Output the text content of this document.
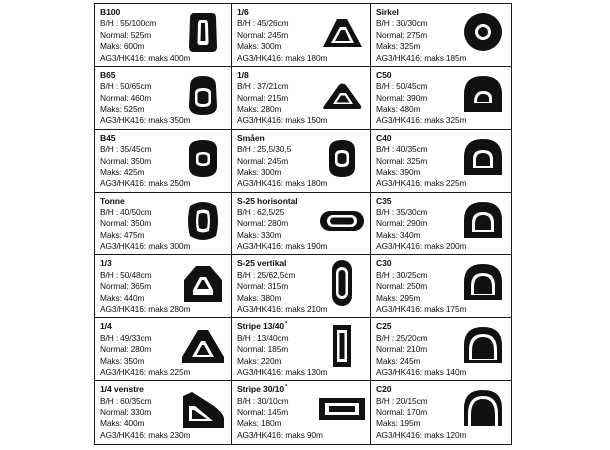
B100
B/H : 55/100cm
Normal: 525m
Maks: 600m
AG3/HK416: maks 400m
1/6
B/H : 45/26cm
Normal: 245m
Maks: 300m
AG3/HK416: maks 180m
Sirkel
B/H : 30/30cm
Normal: 275m
Maks: 325m
AG3/HK416: maks 185m
B65
B/H : 50/65cm
Normal: 460m
Maks: 525m
AG3/HK416: maks 350m
1/8
B/H : 37/21cm
Normal: 215m
Maks: 280m
AG3/HK416: maks 150m
C50
B/H : 50/45cm
Normal: 390m
Maks: 480m
AG3/HK416: maks 325m
B45
B/H : 35/45cm
Normal: 350m
Maks: 425m
AG3/HK416: maks 250m
Småen
B/H : 25,5/30,5
Normal: 245m
Maks: 300m
AG3/HK416: maks 180m
C40
B/H : 40/35cm
Normal: 325m
Maks: 390m
AG3/HK416: maks 225m
Tonne
B/H : 40/50cm
Normal: 350m
Maks: 475m
AG3/HK416: maks 300m
S-25 horisontal
B/H : 62,5/25
Normal: 280m
Maks: 330m
AG3/HK416: maks 190m
C35
B/H : 35/30cm
Normal: 290m
Maks: 340m
AG3/HK416: maks 200m
1/3
B/H : 50/48cm
Normal: 365m
Maks: 440m
AG3/HK416: maks 280m
S-25 vertikal
B/H : 25/62,5cm
Normal: 315m
Maks: 380m
AG3/HK416: maks 210m
C30
B/H : 30/25cm
Normal: 250m
Maks: 295m
AG3/HK416: maks 175m
1/4
B/H : 49/33cm
Normal: 280m
Maks: 350m
AG3/HK416: maks 225m
Stripe 13/40*
B/H : 13/40cm
Normal: 185m
Maks: 220m
AG3/HK416: maks 130m
C25
B/H : 25/20cm
Normal: 210m
Maks: 245m
AG3/HK416: maks 140m
1/4 venstre
B/H : 60/35cm
Normal: 330m
Maks: 400m
AG3/HK416: maks 230m
Stripe 30/10*
B/H : 30/10cm
Normal: 145m
Maks: 180m
AG3/HK416: maks 90m
C20
B/H : 20/15cm
Normal: 170m
Maks: 195m
AG3/HK416: maks 120m
